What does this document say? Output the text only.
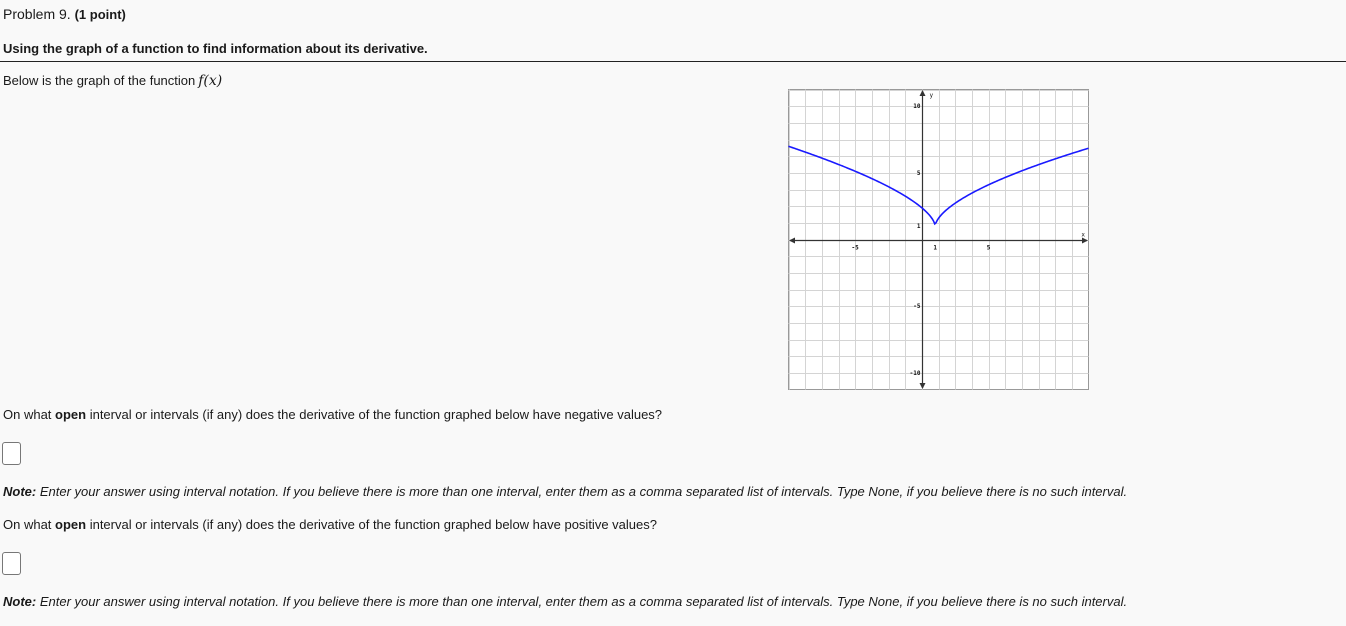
Problem 9. (1 point)
Using the graph of a function to find information about its derivative.
Below is the graph of the function f(x)
x
y
-5	1	5
10
5
1
-5
-10
On what open interval or intervals (if any) does the derivative of the function graphed below have negative values?
Note: Enter your answer using interval notation. If you believe there is more than one interval, enter them as a comma separated list of intervals. Type None, if you believe there is no such interval.
On what open interval or intervals (if any) does the derivative of the function graphed below have positive values?
Note: Enter your answer using interval notation. If you believe there is more than one interval, enter them as a comma separated list of intervals. Type None, if you believe there is no such interval.
